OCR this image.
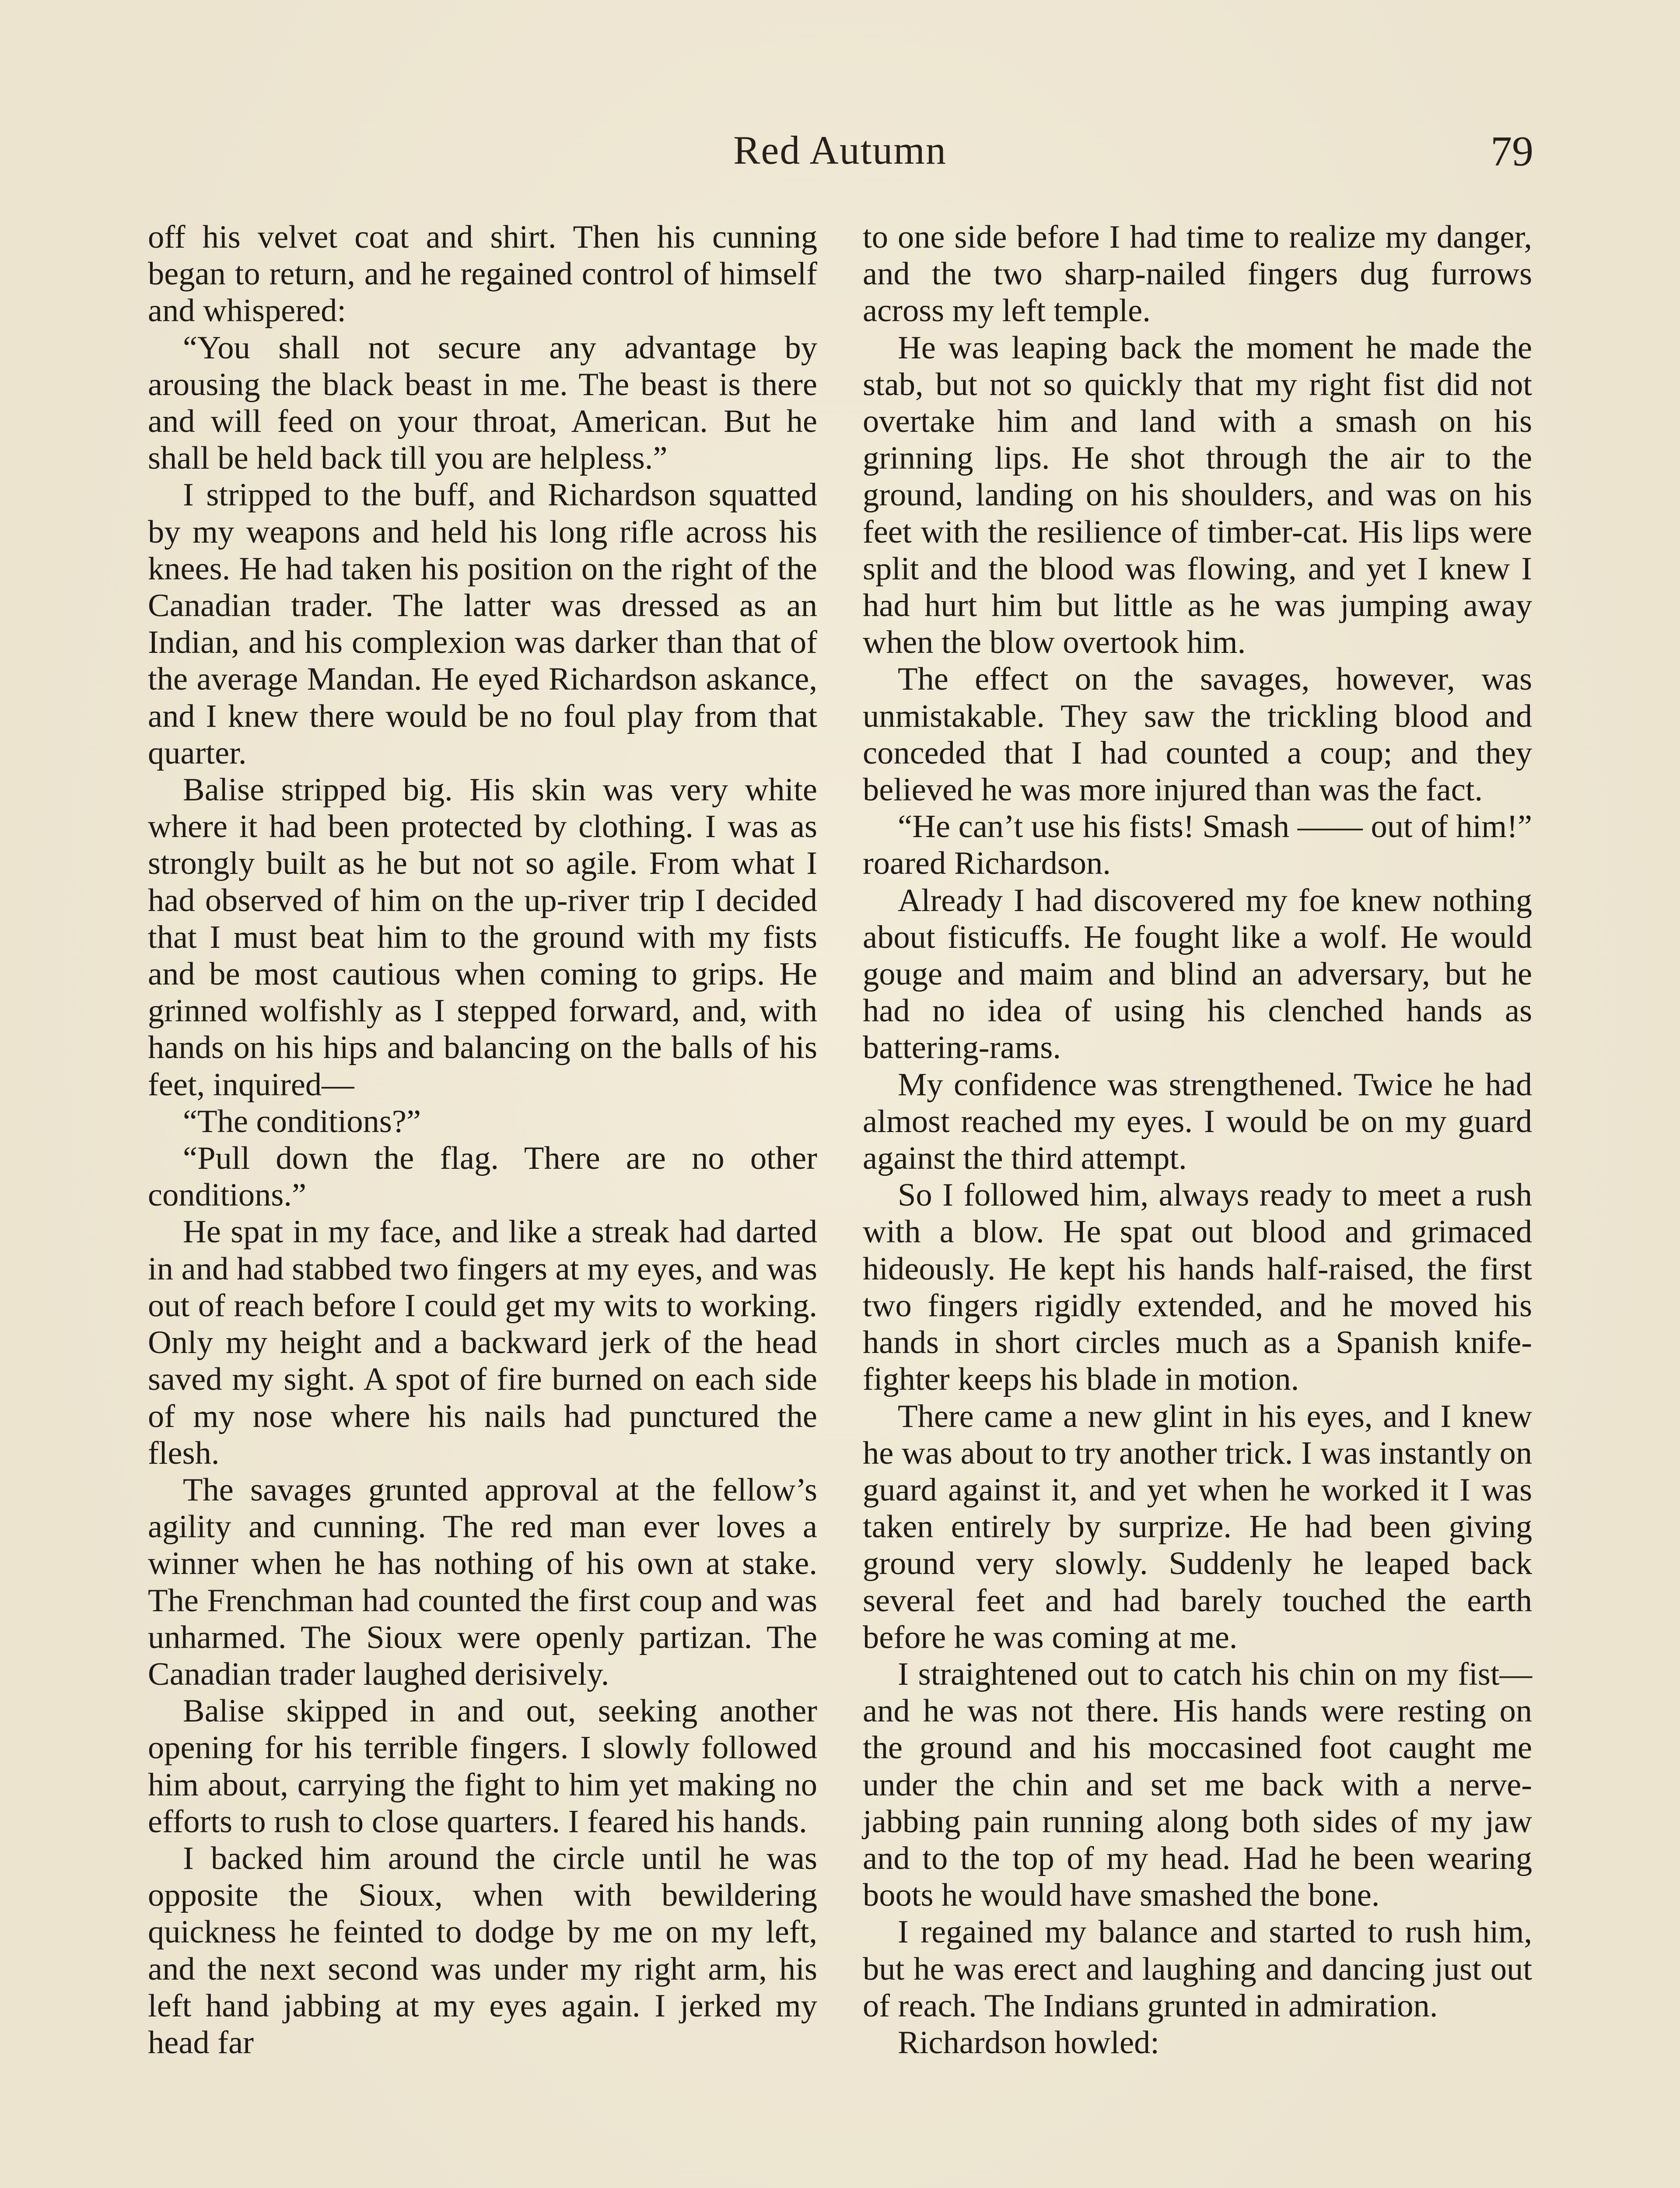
Red Autumn	79

off his velvet coat and shirt. Then his cunning began to return, and he regained control of himself and whispered:

“You shall not secure any advantage by arousing the black beast in me. The beast is there and will feed on your throat, American. But he shall be held back till you are helpless.”

I stripped to the buff, and Richardson squatted by my weapons and held his long rifle across his knees. He had taken his position on the right of the Canadian trader. The latter was dressed as an Indian, and his complexion was darker than that of the average Mandan. He eyed Richardson askance, and I knew there would be no foul play from that quarter.

Balise stripped big. His skin was very white where it had been protected by clothing. I was as strongly built as he but not so agile. From what I had observed of him on the up-river trip I decided that I must beat him to the ground with my fists and be most cautious when coming to grips. He grinned wolfishly as I stepped forward, and, with hands on his hips and balancing on the balls of his feet, inquired—

“The conditions?”

“Pull down the flag. There are no other conditions.”

He spat in my face, and like a streak had darted in and had stabbed two fingers at my eyes, and was out of reach before I could get my wits to working. Only my height and a backward jerk of the head saved my sight. A spot of fire burned on each side of my nose where his nails had punctured the flesh.

The savages grunted approval at the fellow’s agility and cunning. The red man ever loves a winner when he has nothing of his own at stake. The Frenchman had counted the first coup and was unharmed. The Sioux were openly partizan. The Canadian trader laughed derisively.

Balise skipped in and out, seeking another opening for his terrible fingers. I slowly followed him about, carrying the fight to him yet making no efforts to rush to close quarters. I feared his hands.

I backed him around the circle until he was opposite the Sioux, when with bewildering quickness he feinted to dodge by me on my left, and the next second was under my right arm, his left hand jabbing at my eyes again. I jerked my head far

to one side before I had time to realize my danger, and the two sharp-nailed fingers dug furrows across my left temple.

He was leaping back the moment he made the stab, but not so quickly that my right fist did not overtake him and land with a smash on his grinning lips. He shot through the air to the ground, landing on his shoulders, and was on his feet with the resilience of timber-cat. His lips were split and the blood was flowing, and yet I knew I had hurt him but little as he was jumping away when the blow overtook him.

The effect on the savages, however, was unmistakable. They saw the trickling blood and conceded that I had counted a coup; and they believed he was more injured than was the fact.

“He can’t use his fists! Smash —— out of him!” roared Richardson.

Already I had discovered my foe knew nothing about fisticuffs. He fought like a wolf. He would gouge and maim and blind an adversary, but he had no idea of using his clenched hands as battering-rams.

My confidence was strengthened. Twice he had almost reached my eyes. I would be on my guard against the third attempt.

So I followed him, always ready to meet a rush with a blow. He spat out blood and grimaced hideously. He kept his hands half-raised, the first two fingers rigidly extended, and he moved his hands in short circles much as a Spanish knife-fighter keeps his blade in motion.

There came a new glint in his eyes, and I knew he was about to try another trick. I was instantly on guard against it, and yet when he worked it I was taken entirely by surprize. He had been giving ground very slowly. Suddenly he leaped back several feet and had barely touched the earth before he was coming at me.

I straightened out to catch his chin on my fist—and he was not there. His hands were resting on the ground and his moccasined foot caught me under the chin and set me back with a nerve-jabbing pain running along both sides of my jaw and to the top of my head. Had he been wearing boots he would have smashed the bone.

I regained my balance and started to rush him, but he was erect and laughing and dancing just out of reach. The Indians grunted in admiration.

Richardson howled:
